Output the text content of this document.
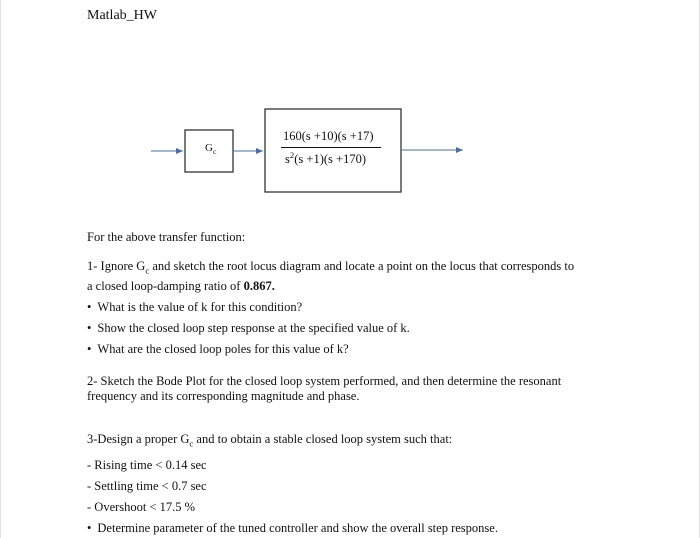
Matlab_HW
$G_c$
160(s +10)(s +17)
$s^2(s +1)(s +170)$
For the above transfer function:
1- Ignore $G_c$ and sketch the root locus diagram and locate a point on the locus that corresponds to
a closed loop-damping ratio of 0.867.
• What is the value of k for this condition?
• Show the closed loop step response at the specified value of k.
• What are the closed loop poles for this value of k?
2- Sketch the Bode Plot for the closed loop system performed, and then determine the resonant
frequency and its corresponding magnitude and phase.
3-Design a proper $G_c$ and to obtain a stable closed loop system such that:
- Rising time < 0.14 sec
- Settling time < 0.7 sec
- Overshoot < 17.5 %
• Determine parameter of the tuned controller and show the overall step response.
